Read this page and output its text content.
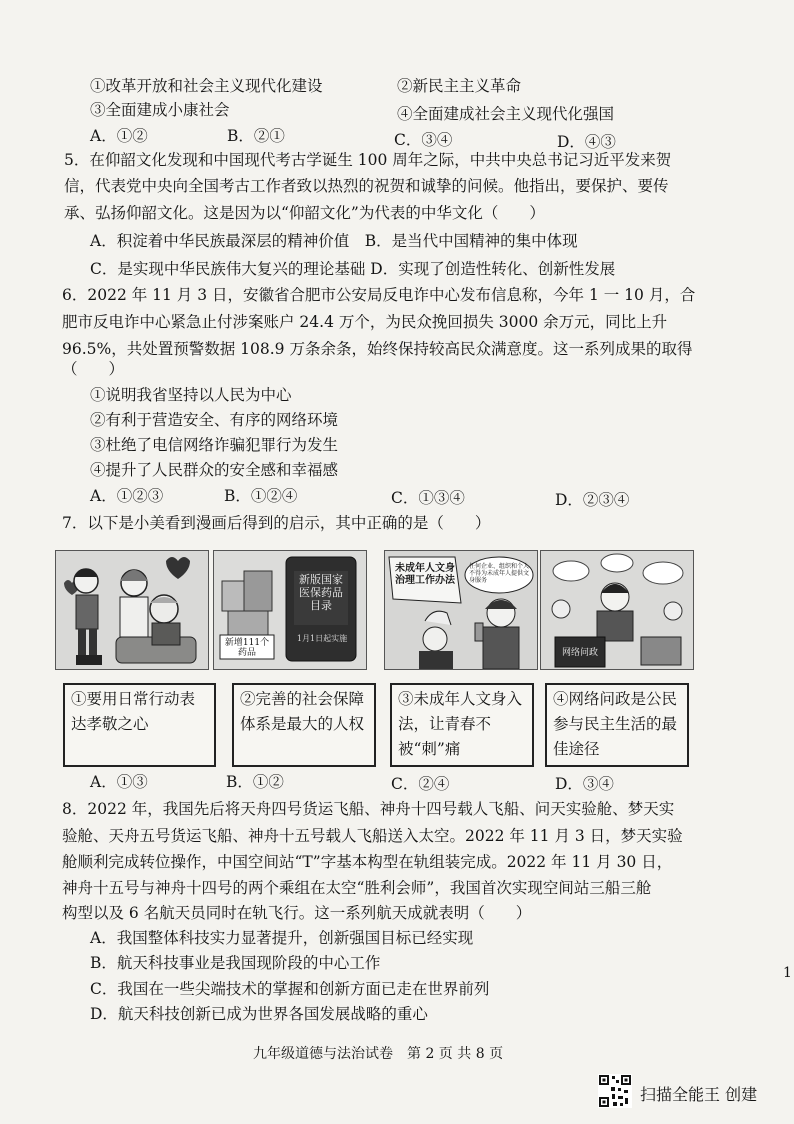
①改革开放和社会主义现代化建设	②新民主主义革命
③全面建成小康社会	④全面建成社会主义现代化强国
A．①②	B．②①	C．③④	D．④③
5．在仰韶文化发现和中国现代考古学诞生 100 周年之际，中共中央总书记习近平发来贺
信，代表党中央向全国考古工作者致以热烈的祝贺和诚挚的问候。他指出，要保护、要传
承、弘扬仰韶文化。这是因为以“仰韶文化”为代表的中华文化（　　）
A．积淀着中华民族最深层的精神价值　B．是当代中国精神的集中体现
C．是实现中华民族伟大复兴的理论基础 D．实现了创造性转化、创新性发展
6．2022 年 11 月 3 日，安徽省合肥市公安局反电诈中心发布信息称，今年 1 一 10 月，合
肥市反电诈中心紧急止付涉案账户 24.4 万个，为民众挽回损失 3000 余万元，同比上升
96.5%，共处置预警数据 108.9 万条余条，始终保持较高民众满意度。这一系列成果的取得
（　　）
①说明我省坚持以人民为中心
②有利于营造安全、有序的网络环境
③杜绝了电信网络诈骗犯罪行为发生
④提升了人民群众的安全感和幸福感
A．①②③	B．①②④	C．①③④	D．②③④
7．以下是小美看到漫画后得到的启示，其中正确的是（　　）
新版国家医保药品目录
新增111个药品
1月1日起实施
未成年人文身治理工作办法
任何企业、组织和个人不得为未成年人提供文身服务
网络问政
①要用日常行动表达孝敬之心
②完善的社会保障体系是最大的人权
③未成年人文身入法，让青春不被“刺”痛
④网络问政是公民参与民主生活的最佳途径
A．①③	B．①②	C．②④	D．③④
8．2022 年，我国先后将天舟四号货运飞船、神舟十四号载人飞船、问天实验舱、梦天实
验舱、天舟五号货运飞船、神舟十五号载人飞船送入太空。2022 年 11 月 3 日，梦天实验
舱顺利完成转位操作，中国空间站“T”字基本构型在轨组装完成。2022 年 11 月 30 日，
神舟十五号与神舟十四号的两个乘组在太空“胜利会师”，我国首次实现空间站三船三舱
构型以及 6 名航天员同时在轨飞行。这一系列航天成就表明（　　）
A．我国整体科技实力显著提升，创新强国目标已经实现
B．航天科技事业是我国现阶段的中心工作
C．我国在一些尖端技术的掌握和创新方面已走在世界前列
D．航天科技创新已成为世界各国发展战略的重心
1
九年级道德与法治试卷　第 2 页 共 8 页
扫描全能王 创建
